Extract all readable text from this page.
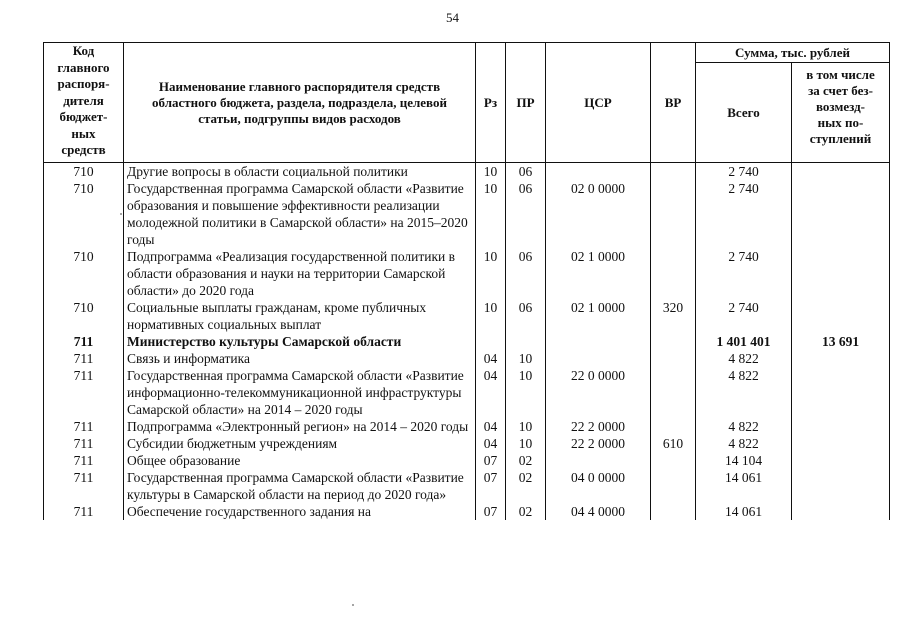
54
Код главного распоря- дителя бюджет- ных средств	Наименование главного распорядителя средств областного бюджета, раздела, подраздела, целевой статьи, подгруппы видов расходов	Рз	ПР	ЦСР	ВР	Сумма, тыс. рублей	
						Всего	в том числе за счет без- возмезд- ных по- ступлений

710	Другие вопросы в области социальной политики	10	06			2 740	
710	Государственная программа Самарской области «Развитие образования и повышение эффективности реализации молодежной политики в Самарской области» на 2015–2020 годы	10	06	02 0 0000		2 740	
710	Подпрограмма «Реализация государственной политики в области образования и науки на территории Самарской области» до 2020 года	10	06	02 1 0000		2 740	
710	Социальные выплаты гражданам, кроме публичных нормативных социальных выплат	10	06	02 1 0000	320	2 740	
711	Министерство культуры Самарской области					1 401 401	13 691
711	Связь и информатика	04	10			4 822	
711	Государственная программа Самарской области «Развитие информационно-телекоммуникационной инфраструктуры Самарской области» на 2014 – 2020 годы	04	10	22 0 0000		4 822	
711	Подпрограмма «Электронный регион» на 2014 – 2020 годы	04	10	22 2 0000		4 822	
711	Субсидии бюджетным учреждениям	04	10	22 2 0000	610	4 822	
711	Общее образование	07	02			14 104	
711	Государственная программа Самарской области «Развитие культуры в Самарской области на период до 2020 года»	07	02	04 0 0000		14 061	
711	Обеспечение государственного задания на	07	02	04 4 0000		14 061	
